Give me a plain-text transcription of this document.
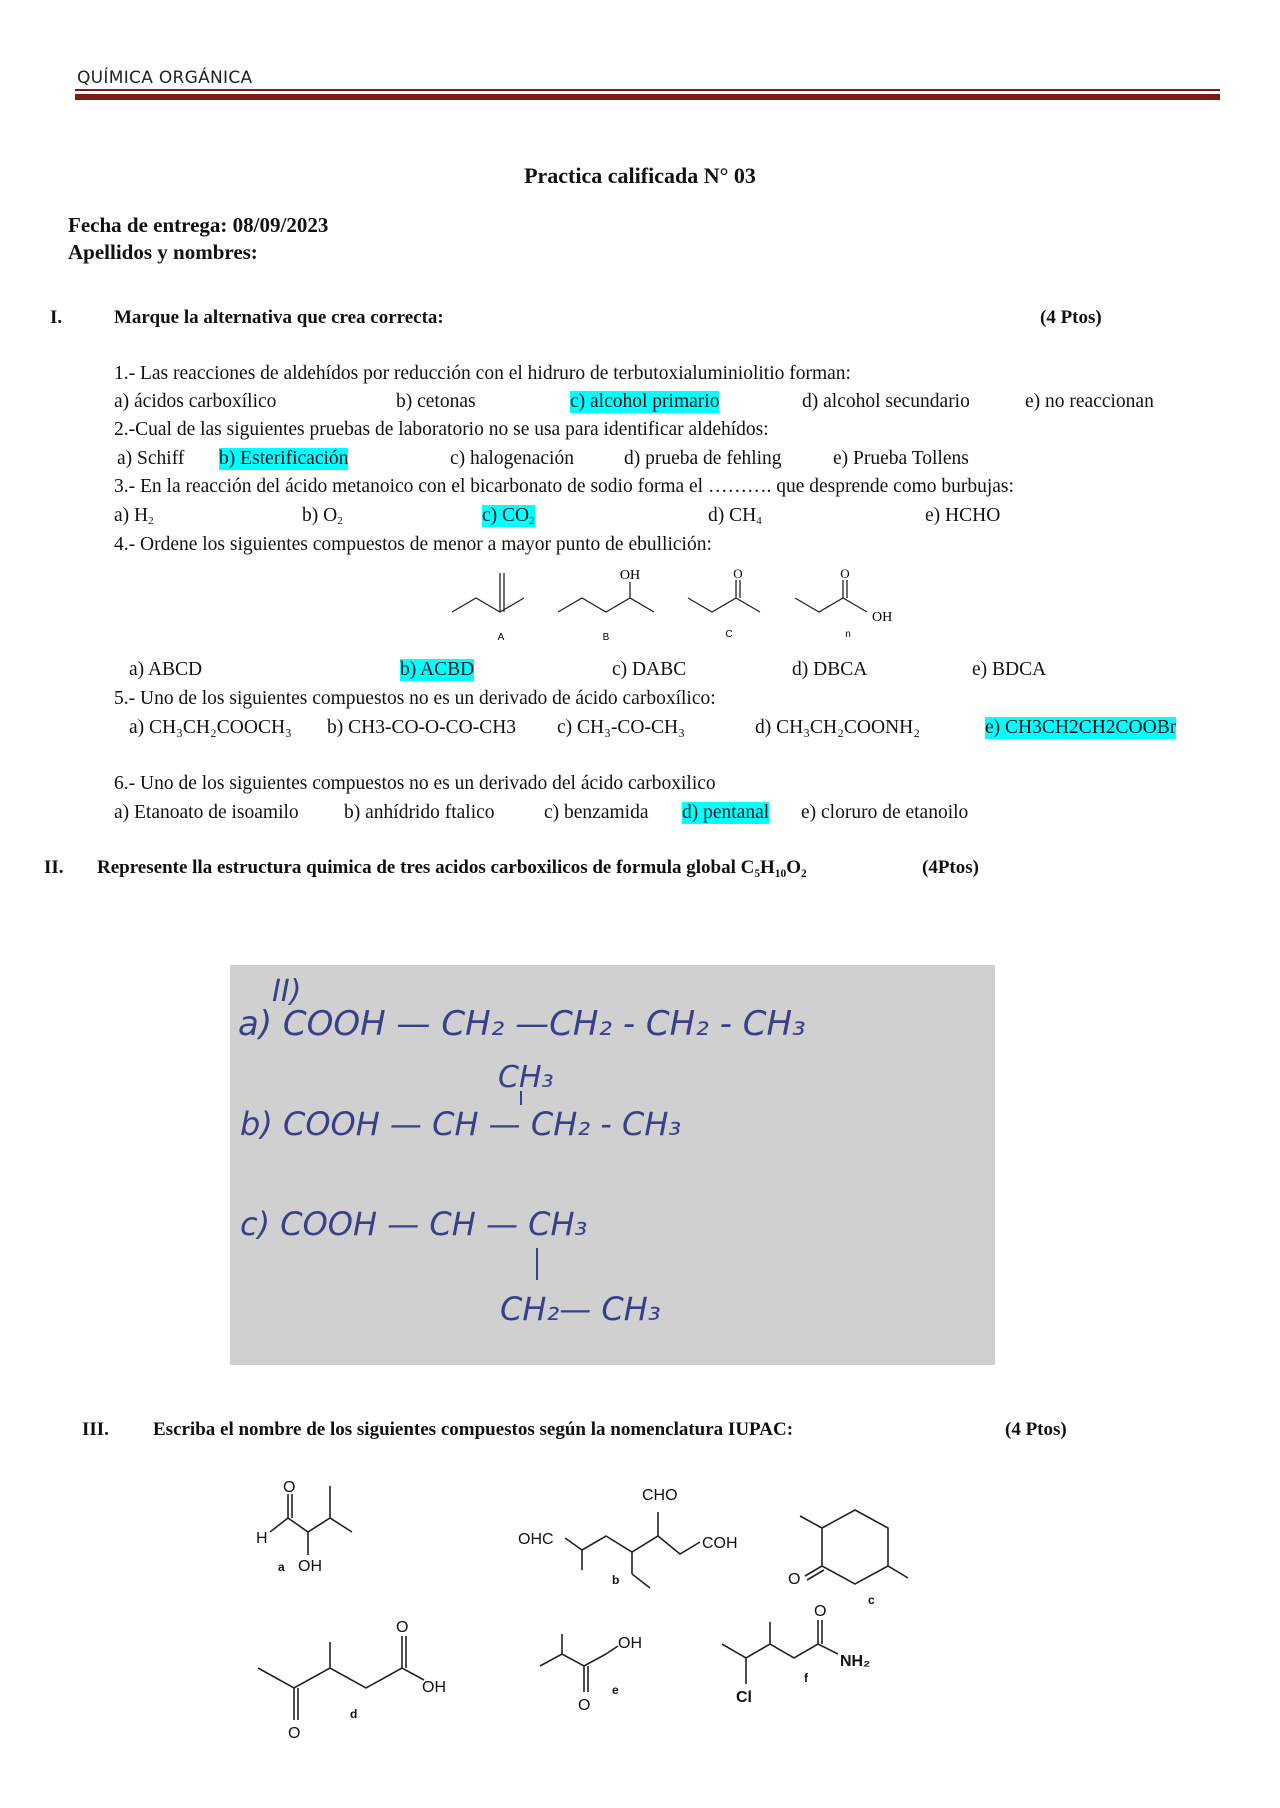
QUÍMICA ORGÁNICA
Practica calificada N° 03
Fecha de entrega: 08/09/2023
Apellidos y nombres:
I.	Marque la alternativa que crea correcta:	(4 Ptos)
1.- Las reacciones de aldehídos por reducción con el hidruro de terbutoxialuminiolitio forman:
a) ácidos carboxílico	b) cetonas	c) alcohol primario	d) alcohol secundario	e) no reaccionan
2.-Cual de las siguientes pruebas de laboratorio no se usa para identificar aldehídos:
a) Schiff b) Esterificación	c) halogenación	d) prueba de fehling	e) Prueba Tollens
3.- En la reacción del ácido metanoico con el bicarbonato de sodio forma el ………. que desprende como burbujas:
a) $H_2$	b) $O_2$	c) $CO_2$	d) $CH_4$	e) HCHO
4.- Ordene los siguientes compuestos de menor a mayor punto de ebullición:
A	B	C	n
OH	O	O
OH
a) ABCD	b) ACBD	c) DABC	d) DBCA	e) BDCA
5.- Uno de los siguientes compuestos no es un derivado de ácido carboxílico:
a) CH₃CH₂COOCH₃ b) CH3-CO-O-CO-CH3 c) CH₃-CO-CH₃	d) CH₃CH₂COONH₂	e) CH3CH2CH2COOBr
6.- Uno de los siguientes compuestos no es un derivado del ácido carboxilico
a) Etanoato de isoamilo b) anhídrido ftalico	c) benzamida d) pentanal e) cloruro de etanoilo
II. Represente lla estructura quimica de tres acidos carboxilicos de formula global C₅H₁₀O₂	(4Ptos)
II)
a) COOH — CH₂ —CH₂ - CH₂ - CH₃
CH₃
b) COOH — CH — CH₂ - CH₃
c) COOH — CH — CH₃
CH₂— CH₃
III. Escriba el nombre de los siguientes compuestos según la nomenclatura IUPAC:	(4 Ptos)
O
H
OH
a
CHO
OHC	COH
b	O
c
O
OH
O
d
OH
O
e
O
NH₂
Cl
f
